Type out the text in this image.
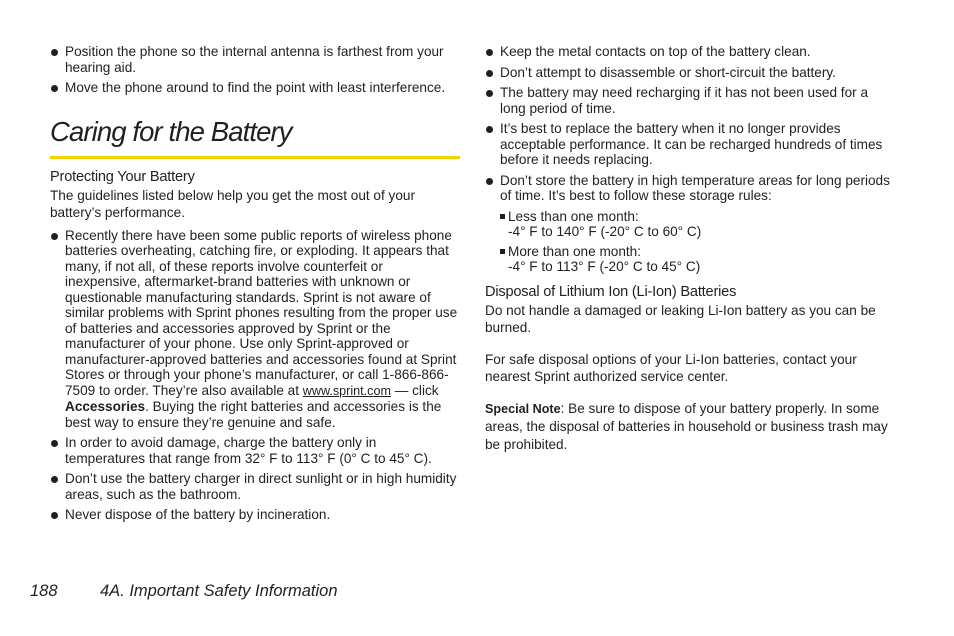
Position the phone so the internal antenna is farthest from your hearing aid.
Move the phone around to find the point with least interference.
Caring for the Battery
Protecting Your Battery

The guidelines listed below help you get the most out of your battery’s performance.

Recently there have been some public reports of wireless phone batteries overheating, catching fire, or exploding. It appears that many, if not all, of these reports involve counterfeit or inexpensive, aftermarket-brand batteries with unknown or questionable manufacturing standards. Sprint is not aware of similar problems with Sprint phones resulting from the proper use of batteries and accessories approved by Sprint or the manufacturer of your phone. Use only Sprint-approved or manufacturer-approved batteries and accessories found at Sprint Stores or through your phone’s manufacturer, or call 1-866-866-7509 to order. They’re also available at www.sprint.com — click Accessories. Buying the right batteries and accessories is the best way to ensure they’re genuine and safe.
In order to avoid damage, charge the battery only in temperatures that range from 32° F to 113° F (0° C to 45° C).
Don’t use the battery charger in direct sunlight or in high humidity areas, such as the bathroom.
Never dispose of the battery by incineration.
Keep the metal contacts on top of the battery clean.
Don’t attempt to disassemble or short-circuit the battery.
The battery may need recharging if it has not been used for a long period of time.
It’s best to replace the battery when it no longer provides acceptable performance. It can be recharged hundreds of times before it needs replacing.
Don’t store the battery in high temperature areas for long periods of time. It’s best to follow these storage rules:
Less than one month:
-4° F to 140° F (-20° C to 60° C)
More than one month:
-4° F to 113° F (-20° C to 45° C)
Disposal of Lithium Ion (Li-Ion) Batteries

Do not handle a damaged or leaking Li-Ion battery as you can be burned.

For safe disposal options of your Li-Ion batteries, contact your nearest Sprint authorized service center.

Special Note: Be sure to dispose of your battery properly. In some areas, the disposal of batteries in household or business trash may be prohibited.

188	4A. Important Safety Information
